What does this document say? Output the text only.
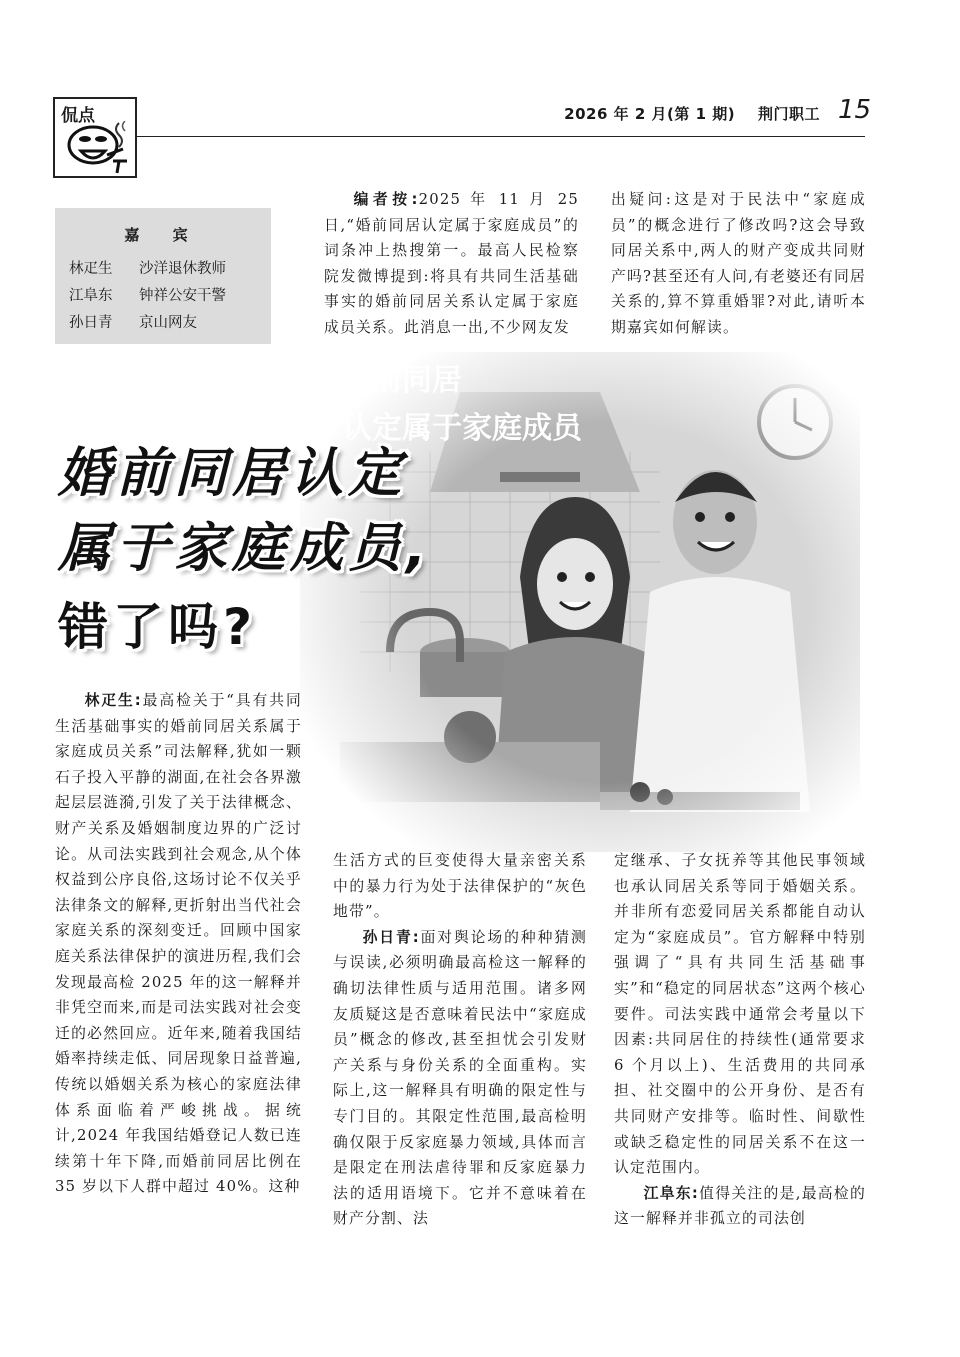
侃点	2026 年 2 月(第 1 期) 荆门职工 15
嘉 宾
林疋生 沙洋退休教师
江阜东 钟祥公安干警
孙日青 京山网友

编者按:2025 年 11 月 25 日,“婚前同居认定属于家庭成员”的词条冲上热搜第一。最高人民检察院发微博提到:将具有共同生活基础事实的婚前同居关系认定属于家庭成员关系。此消息一出,不少网友发

出疑问:这是对于民法中“家庭成员”的概念进行了修改吗?这会导致同居关系中,两人的财产变成共同财产吗?甚至还有人问,有老婆还有同居关系的,算不算重婚罪?对此,请听本期嘉宾如何解读。

婚前同居
认定属于家庭成员
婚前同居认定
属于家庭成员,
错了吗?

林疋生:最高检关于“具有共同生活基础事实的婚前同居关系属于家庭成员关系”司法解释,犹如一颗石子投入平静的湖面,在社会各界激起层层涟漪,引发了关于法律概念、财产关系及婚姻制度边界的广泛讨论。从司法实践到社会观念,从个体权益到公序良俗,这场讨论不仅关乎法律条文的解释,更折射出当代社会家庭关系的深刻变迁。回顾中国家庭关系法律保护的演进历程,我们会发现最高检 2025 年的这一解释并非凭空而来,而是司法实践对社会变迁的必然回应。近年来,随着我国结婚率持续走低、同居现象日益普遍,传统以婚姻关系为核心的家庭法律体系面临着严峻挑战。据统计,2024 年我国结婚登记人数已连续第十年下降,而婚前同居比例在 35 岁以下人群中超过 40%。这种

生活方式的巨变使得大量亲密关系中的暴力行为处于法律保护的“灰色地带”。

孙日青:面对舆论场的种种猜测与误读,必须明确最高检这一解释的确切法律性质与适用范围。诸多网友质疑这是否意味着民法中“家庭成员”概念的修改,甚至担忧会引发财产关系与身份关系的全面重构。实际上,这一解释具有明确的限定性与专门目的。其限定性范围,最高检明确仅限于反家庭暴力领域,具体而言是限定在刑法虐待罪和反家庭暴力法的适用语境下。它并不意味着在财产分割、法

定继承、子女抚养等其他民事领域也承认同居关系等同于婚姻关系。并非所有恋爱同居关系都能自动认定为“家庭成员”。官方解释中特别强调了“具有共同生活基础事实”和“稳定的同居状态”这两个核心要件。司法实践中通常会考量以下因素:共同居住的持续性(通常要求 6 个月以上)、生活费用的共同承担、社交圈中的公开身份、是否有共同财产安排等。临时性、间歇性或缺乏稳定性的同居关系不在这一认定范围内。

江阜东:值得关注的是,最高检的这一解释并非孤立的司法创
